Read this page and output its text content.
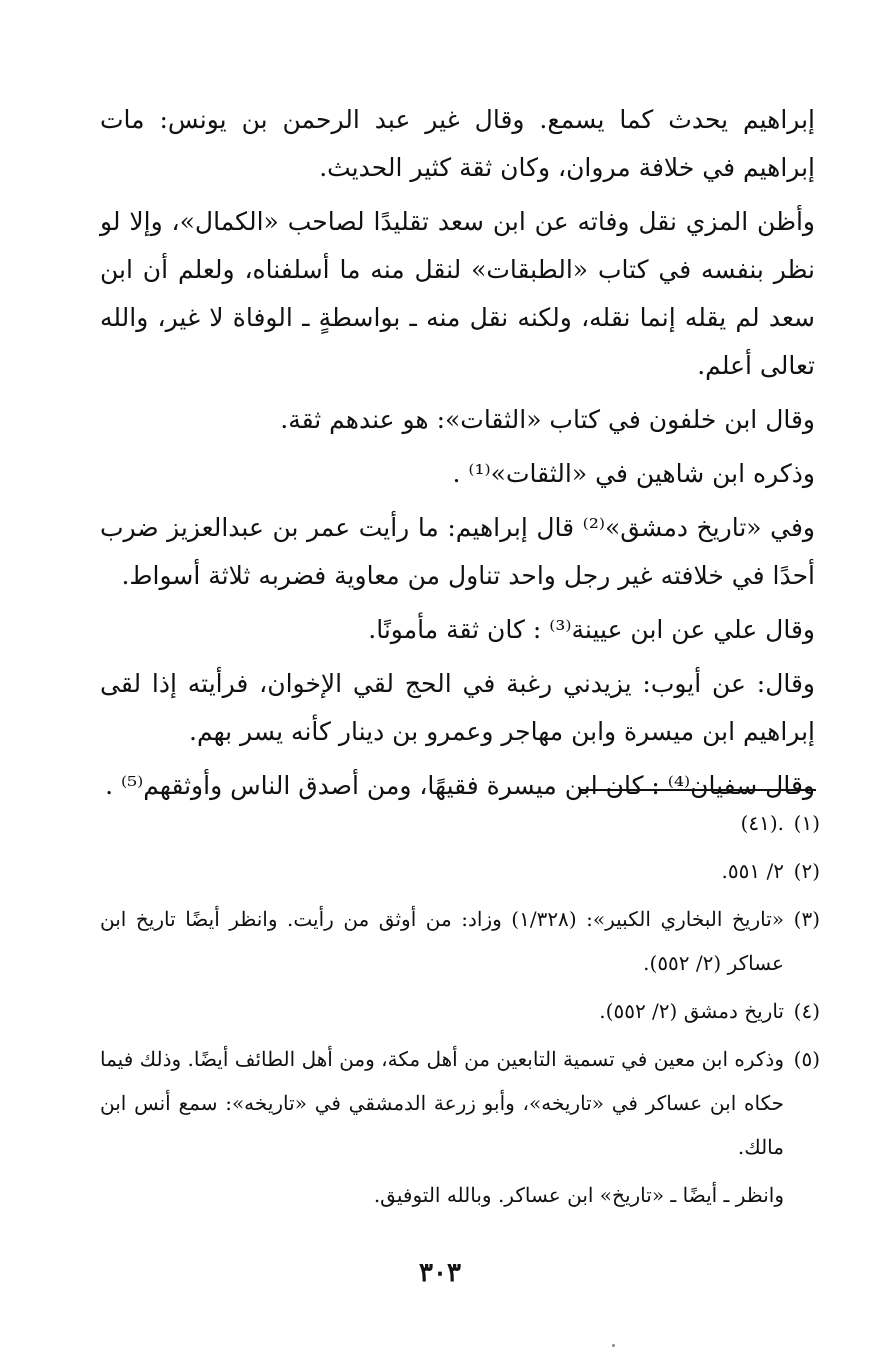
إبراهيم يحدث كما يسمع. وقال غير عبد الرحمن بن يونس: مات إبراهيم في خلافة مروان، وكان ثقة كثير الحديث.

وأظن المزي نقل وفاته عن ابن سعد تقليدًا لصاحب «الكمال»، وإلا لو نظر بنفسه في كتاب «الطبقات» لنقل منه ما أسلفناه، ولعلم أن ابن سعد لم يقله إنما نقله، ولكنه نقل منه ـ بواسطةٍ ـ الوفاة لا غير، والله تعالى أعلم.

وقال ابن خلفون في كتاب «الثقات»: هو عندهم ثقة.

وذكره ابن شاهين في «الثقات»⁽¹⁾ .

وفي «تاريخ دمشق»⁽²⁾ قال إبراهيم: ما رأيت عمر بن عبدالعزيز ضرب أحدًا في خلافته غير رجل واحد تناول من معاوية فضربه ثلاثة أسواط.

وقال علي عن ابن عيينة⁽³⁾ : كان ثقة مأمونًا.

وقال: عن أيوب: يزيدني رغبة في الحج لقي الإخوان، فرأيته إذا لقى إبراهيم ابن ميسرة وابن مهاجر وعمرو بن دينار كأنه يسر بهم.

وقال سفيان⁽⁴⁾ : كان ابن ميسرة فقيهًا، ومن أصدق الناس وأوثقهم⁽⁵⁾ .

(١)
.(٤١)
(٢)
٢/ ٥٥١.
(٣)
«تاريخ البخاري الكبير»: (١/٣٢٨) وزاد: من أوثق من رأيت. وانظر أيضًا تاريخ ابن عساكر (٢/ ٥٥٢).
(٤)
تاريخ دمشق (٢/ ٥٥٢).
(٥)
وذكره ابن معين في تسمية التابعين من أهل مكة، ومن أهل الطائف أيضًا. وذلك فيما حكاه ابن عساكر في «تاريخه»، وأبو زرعة الدمشقي في «تاريخه»: سمع أنس ابن مالك.
وانظر ـ أيضًا ـ «تاريخ» ابن عساكر. وبالله التوفيق.
٣٠٣
